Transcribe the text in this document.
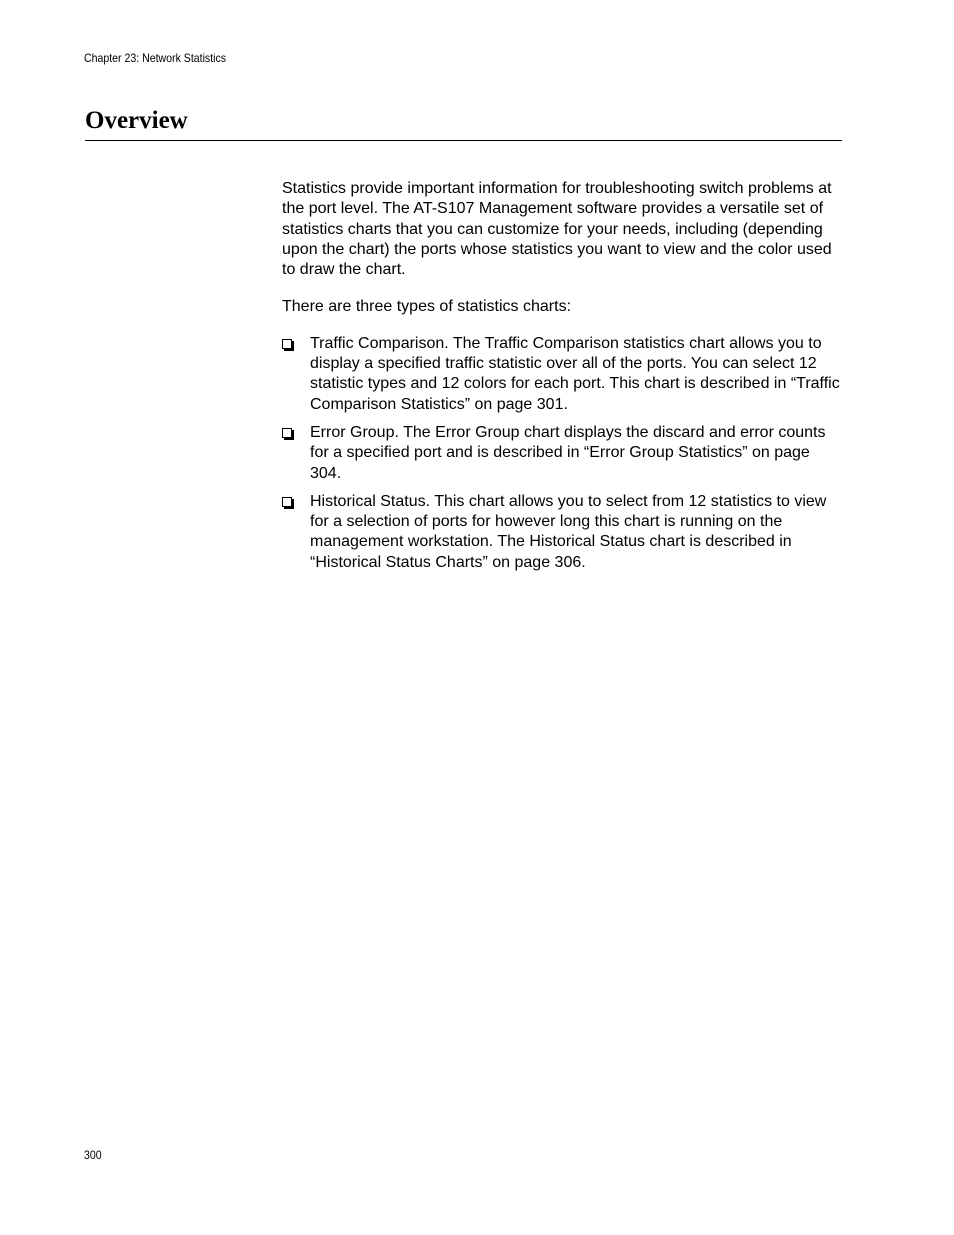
Chapter 23: Network Statistics
Overview

Statistics provide important information for troubleshooting switch problems at the port level. The AT-S107 Management software provides a versatile set of statistics charts that you can customize for your needs, including (depending upon the chart) the ports whose statistics you want to view and the color used to draw the chart.

There are three types of statistics charts:

Traffic Comparison. The Traffic Comparison statistics chart allows you to display a specified traffic statistic over all of the ports. You can select 12 statistic types and 12 colors for each port. This chart is described in “Traffic Comparison Statistics” on page 301.
Error Group. The Error Group chart displays the discard and error counts for a specified port and is described in “Error Group Statistics” on page 304.
Historical Status. This chart allows you to select from 12 statistics to view for a selection of ports for however long this chart is running on the management workstation. The Historical Status chart is described in “Historical Status Charts” on page 306.
300
